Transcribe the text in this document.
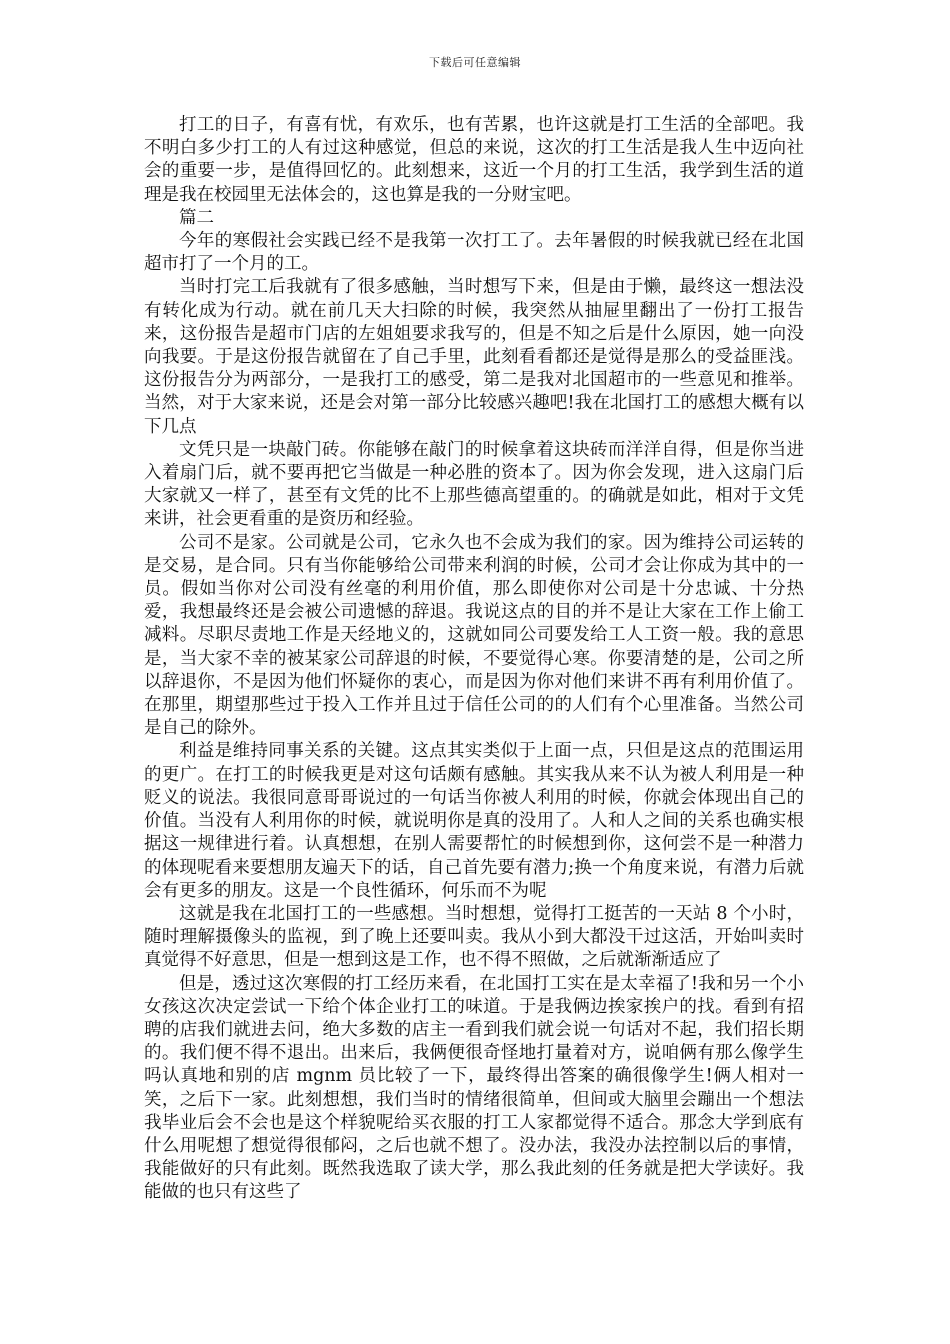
下载后可任意编辑

打工的日子，有喜有忧，有欢乐，也有苦累，也许这就是打工生活的全部吧。我不明白多少打工的人有过这种感觉，但总的来说，这次的打工生活是我人生中迈向社会的重要一步，是值得回忆的。此刻想来，这近一个月的打工生活，我学到生活的道理是我在校园里无法体会的，这也算是我的一分财宝吧。

篇二

今年的寒假社会实践已经不是我第一次打工了。去年暑假的时候我就已经在北国超市打了一个月的工。

当时打完工后我就有了很多感触，当时想写下来，但是由于懒，最终这一想法没有转化成为行动。就在前几天大扫除的时候，我突然从抽屉里翻出了一份打工报告来，这份报告是超市门店的左姐姐要求我写的，但是不知之后是什么原因，她一向没向我要。于是这份报告就留在了自己手里，此刻看看都还是觉得是那么的受益匪浅。这份报告分为两部分，一是我打工的感受，第二是我对北国超市的一些意见和推举。当然，对于大家来说，还是会对第一部分比较感兴趣吧!我在北国打工的感想大概有以下几点

文凭只是一块敲门砖。你能够在敲门的时候拿着这块砖而洋洋自得，但是你当进入着扇门后，就不要再把它当做是一种必胜的资本了。因为你会发现，进入这扇门后大家就又一样了，甚至有文凭的比不上那些德高望重的。的确就是如此，相对于文凭来讲，社会更看重的是资历和经验。

公司不是家。公司就是公司，它永久也不会成为我们的家。因为维持公司运转的是交易，是合同。只有当你能够给公司带来利润的时候，公司才会让你成为其中的一员。假如当你对公司没有丝毫的利用价值，那么即使你对公司是十分忠诚、十分热爱，我想最终还是会被公司遗憾的辞退。我说这点的目的并不是让大家在工作上偷工减料。尽职尽责地工作是天经地义的，这就如同公司要发给工人工资一般。我的意思是，当大家不幸的被某家公司辞退的时候，不要觉得心寒。你要清楚的是，公司之所以辞退你，不是因为他们怀疑你的衷心，而是因为你对他们来讲不再有利用价值了。在那里，期望那些过于投入工作并且过于信任公司的的人们有个心里准备。当然公司是自己的除外。

利益是维持同事关系的关键。这点其实类似于上面一点，只但是这点的范围运用的更广。在打工的时候我更是对这句话颇有感触。其实我从来不认为被人利用是一种贬义的说法。我很同意哥哥说过的一句话当你被人利用的时候，你就会体现出自己的价值。当没有人利用你的时候，就说明你是真的没用了。人和人之间的关系也确实根据这一规律进行着。认真想想，在别人需要帮忙的时候想到你，这何尝不是一种潜力的体现呢看来要想朋友遍天下的话，自己首先要有潜力;换一个角度来说，有潜力后就会有更多的朋友。这是一个良性循环，何乐而不为呢

这就是我在北国打工的一些感想。当时想想，觉得打工挺苦的一天站 8 个小时，随时理解摄像头的监视，到了晚上还要叫卖。我从小到大都没干过这活，开始叫卖时真觉得不好意思，但是一想到这是工作，也不得不照做，之后就渐渐适应了

但是，透过这次寒假的打工经历来看，在北国打工实在是太幸福了!我和另一个小女孩这次决定尝试一下给个体企业打工的味道。于是我俩边挨家挨户的找。看到有招聘的店我们就进去问，绝大多数的店主一看到我们就会说一句话对不起，我们招长期的。我们便不得不退出。出来后，我俩便很奇怪地打量着对方，说咱俩有那么像学生吗认真地和别的店 mgnm 员比较了一下，最终得出答案的确很像学生!俩人相对一笑，之后下一家。此刻想想，我们当时的情绪很简单，但间或大脑里会蹦出一个想法我毕业后会不会也是这个样貌呢给买衣服的打工人家都觉得不适合。那念大学到底有什么用呢想了想觉得很郁闷，之后也就不想了。没办法，我没办法控制以后的事情，我能做好的只有此刻。既然我选取了读大学，那么我此刻的任务就是把大学读好。我能做的也只有这些了
